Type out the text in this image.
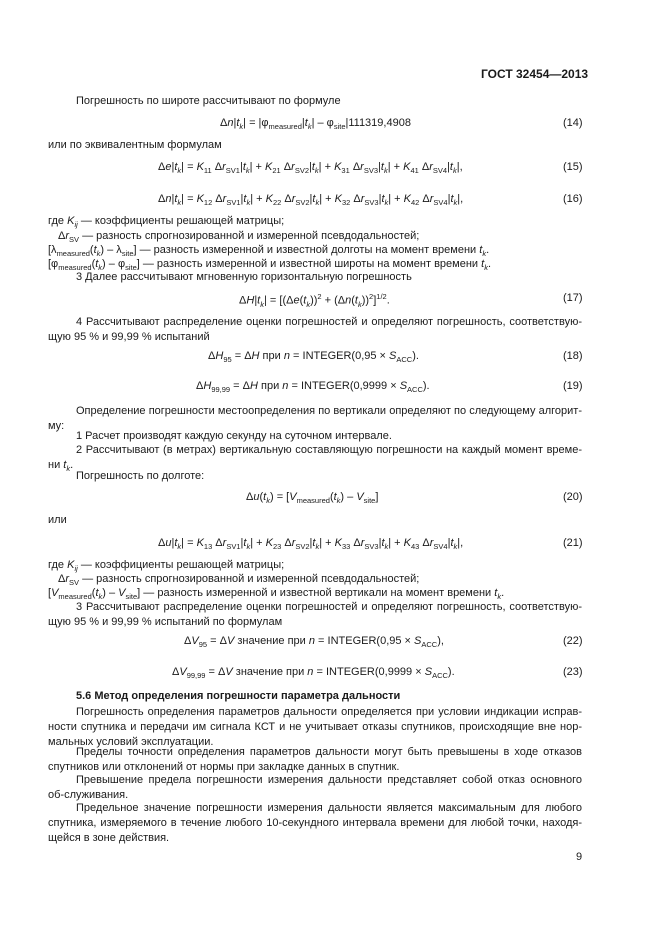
ГОСТ 32454—2013
Погрешность по широте рассчитывают по формуле
$\Delta n|t_k| = |\varphi_{measured}|t_k| - \varphi_{site}|111319,4908$	(14)
или по эквивалентным формулам
$\Delta e|t_k| = K_{11}$ $\Delta r_{SV1}|t_k| + K_{21}$ $\Delta r_{SV2}|t_k| + K_{31}$ $\Delta r_{SV3}|t_k| + K_{41}$ $\Delta r_{SV4}|t_k|$,	(15)
$\Delta n|t_k| = K_{12}$ $\Delta r_{SV1}|t_k| + K_{22}$ $\Delta r_{SV2}|t_k| + K_{32}$ $\Delta r_{SV3}|t_k| + K_{42}$ $\Delta r_{SV4}|t_k|$,	(16)
где $K_{ij}$ — коэффициенты решающей матрицы;
$\Delta r_{SV}$ — разность спрогнозированной и измеренной псевдодальностей;
$[\lambda_{measured}(t_k) - \lambda_{site}]$ — разность измеренной и известной долготы на момент времени $t_k$.
$[\varphi_{measured}(t_k) - \varphi_{site}]$ — разность измеренной и известной широты на момент времени $t_k$.
3 Далее рассчитывают мгновенную горизонтальную погрешность
$\Delta H|t_k| = [(\Delta e(t_k))^2 + (\Delta n(t_k))^2]^{1/2}$.	(17)
4 Рассчитывают распределение оценки погрешностей и определяют погрешность, соответствую-щую 95 % и 99,99 % испытаний
$\Delta H_{95} = \Delta H$ при n = INTEGER(0,95 × $S_{ACC}$).	(18)
$\Delta H_{99,99} = \Delta H$ при n = INTEGER(0,9999 × $S_{ACC}$).	(19)
Определение погрешности местоопределения по вертикали определяют по следующему алгорит-му:
1 Расчет производят каждую секунду на суточном интервале.
2 Рассчитывают (в метрах) вертикальную составляющую погрешности на каждый момент време-ни $t_k$.
Погрешность по долготе:
$\Delta u(t_k) = [V_{measured}(t_k) - V_{site}]$	(20)
или
$\Delta u|t_k| = K_{13}$ $\Delta r_{SV1}|t_k| + K_{23}$ $\Delta r_{SV2}|t_k| + K_{33}$ $\Delta r_{SV3}|t_k| + K_{43}$ $\Delta r_{SV4}|t_k|$,	(21)
где $K_{ij}$ — коэффициенты решающей матрицы;
$\Delta r_{SV}$ — разность спрогнозированной и измеренной псевдодальностей;
$[V_{measured}(t_k) - V_{site}]$ — разность измеренной и известной вертикали на момент времени $t_k$.
3 Рассчитывают распределение оценки погрешностей и определяют погрешность, соответствую-щую 95 % и 99,99 % испытаний по формулам
$\Delta V_{95} = \Delta V$ значение при n = INTEGER(0,95 × $S_{ACC}$),	(22)
$\Delta V_{99,99} = \Delta V$ значение при n = INTEGER(0,9999 × $S_{ACC}$).	(23)
5.6 Метод определения погрешности параметра дальности
Погрешность определения параметров дальности определяется при условии индикации исправ-ности спутника и передачи им сигнала КСТ и не учитывает отказы спутников, происходящие вне нор-мальных условий эксплуатации.
Пределы точности определения параметров дальности могут быть превышены в ходе отказов спутников или отклонений от нормы при закладке данных в спутник.
Превышение предела погрешности измерения дальности представляет собой отказ основного об-служивания.
Предельное значение погрешности измерения дальности является максимальным для любого спутника, измеряемого в течение любого 10-секундного интервала времени для любой точки, находя-щейся в зоне действия.
9
